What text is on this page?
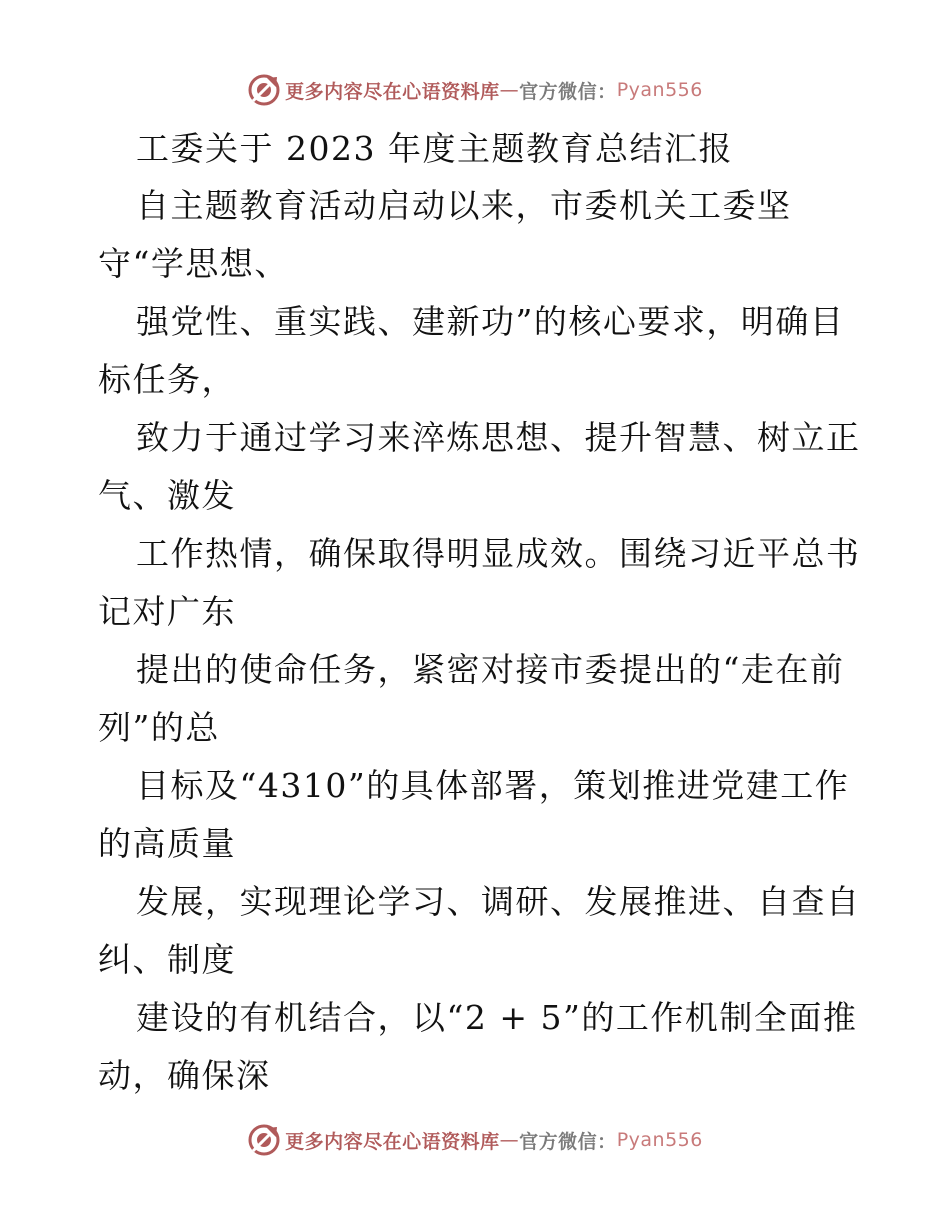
更多内容尽在心语资料库 — 官方微信： Pyan556
工委关于 2023 年度主题教育总结汇报
自主题教育活动启动以来，市委机关工委坚
守“学思想、
强党性、重实践、建新功”的核心要求，明确目
标任务，
致力于通过学习来淬炼思想、提升智慧、树立正
气、激发
工作热情，确保取得明显成效。围绕习近平总书
记对广东
提出的使命任务，紧密对接市委提出的“走在前
列”的总
目标及“4310”的具体部署，策划推进党建工作
的高质量
发展，实现理论学习、调研、发展推进、自查自
纠、制度
建设的有机结合，以“2 + 5”的工作机制全面推
动，确保深
更多内容尽在心语资料库 — 官方微信： Pyan556
